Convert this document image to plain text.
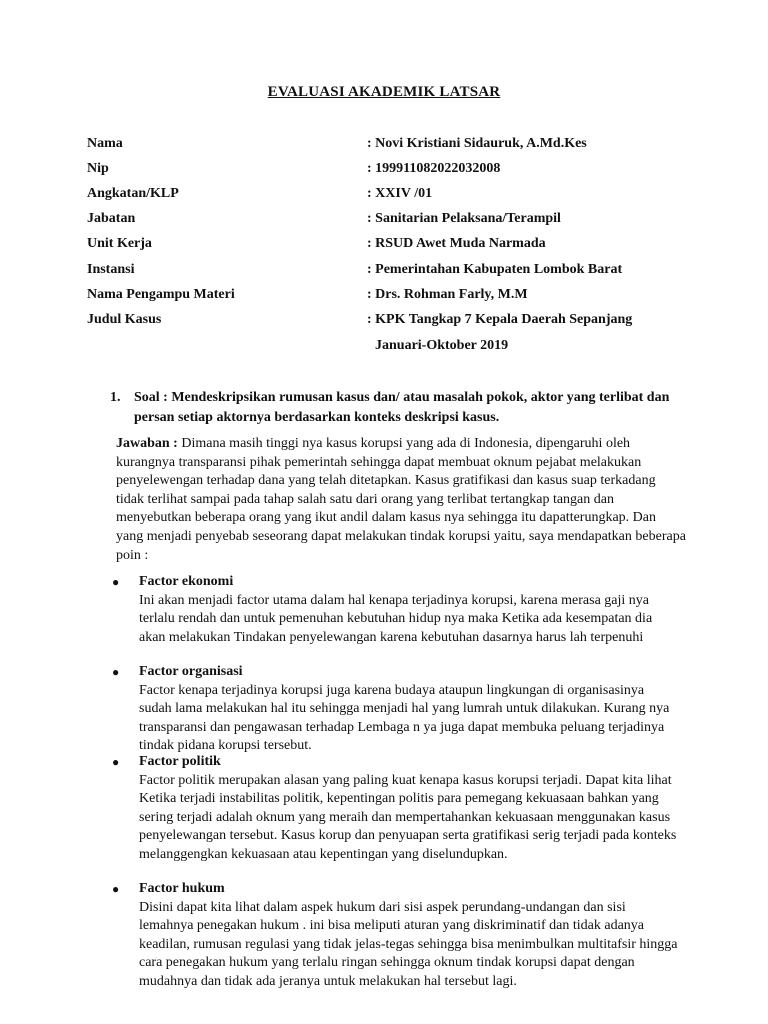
EVALUASI AKADEMIK LATSAR
Nama	: Novi Kristiani Sidauruk, A.Md.Kes
Nip	: 199911082022032008
Angkatan/KLP	: XXIV /01
Jabatan	: Sanitarian Pelaksana/Terampil
Unit Kerja	: RSUD Awet Muda Narmada
Instansi	: Pemerintahan Kabupaten Lombok Barat
Nama Pengampu Materi	: Drs. Rohman Farly, M.M
Judul Kasus	: KPK Tangkap 7 Kepala Daerah Sepanjang
Januari-Oktober 2019
1. Soal : Mendeskripsikan rumusan kasus dan/ atau masalah pokok, aktor yang terlibat dan persan setiap aktornya berdasarkan konteks deskripsi kasus.
Jawaban : Dimana masih tinggi nya kasus korupsi yang ada di Indonesia, dipengaruhi oleh kurangnya transparansi pihak pemerintah sehingga dapat membuat oknum pejabat melakukan penyelewengan terhadap dana yang telah ditetapkan. Kasus gratifikasi dan kasus suap terkadang tidak terlihat sampai pada tahap salah satu dari orang yang terlibat tertangkap tangan dan menyebutkan beberapa orang yang ikut andil dalam kasus nya sehingga itu dapatterungkap. Dan yang menjadi penyebab seseorang dapat melakukan tindak korupsi yaitu, saya mendapatkan beberapa poin :
● Factor ekonomi
Ini akan menjadi factor utama dalam hal kenapa terjadinya korupsi, karena merasa gaji nya terlalu rendah dan untuk pemenuhan kebutuhan hidup nya maka Ketika ada kesempatan dia akan melakukan Tindakan penyelewangan karena kebutuhan dasarnya harus lah terpenuhi
● Factor organisasi
Factor kenapa terjadinya korupsi juga karena budaya ataupun lingkungan di organisasinya sudah lama melakukan hal itu sehingga menjadi hal yang lumrah untuk dilakukan. Kurang nya transparansi dan pengawasan terhadap Lembaga n ya juga dapat membuka peluang terjadinya tindak pidana korupsi tersebut.
● Factor politik
Factor politik merupakan alasan yang paling kuat kenapa kasus korupsi terjadi. Dapat kita lihat Ketika terjadi instabilitas politik, kepentingan politis para pemegang kekuasaan bahkan yang sering terjadi adalah oknum yang meraih dan mempertahankan kekuasaan menggunakan kasus penyelewangan tersebut. Kasus korup dan penyuapan serta gratifikasi serig terjadi pada konteks melanggengkan kekuasaan atau kepentingan yang diselundupkan.
● Factor hukum
Disini dapat kita lihat dalam aspek hukum dari sisi aspek perundang-undangan dan sisi lemahnya penegakan hukum . ini bisa meliputi aturan yang diskriminatif dan tidak adanya keadilan, rumusan regulasi yang tidak jelas-tegas sehingga bisa menimbulkan multitafsir hingga cara penegakan hukum yang terlalu ringan sehingga oknum tindak korupsi dapat dengan mudahnya dan tidak ada jeranya untuk melakukan hal tersebut lagi.
